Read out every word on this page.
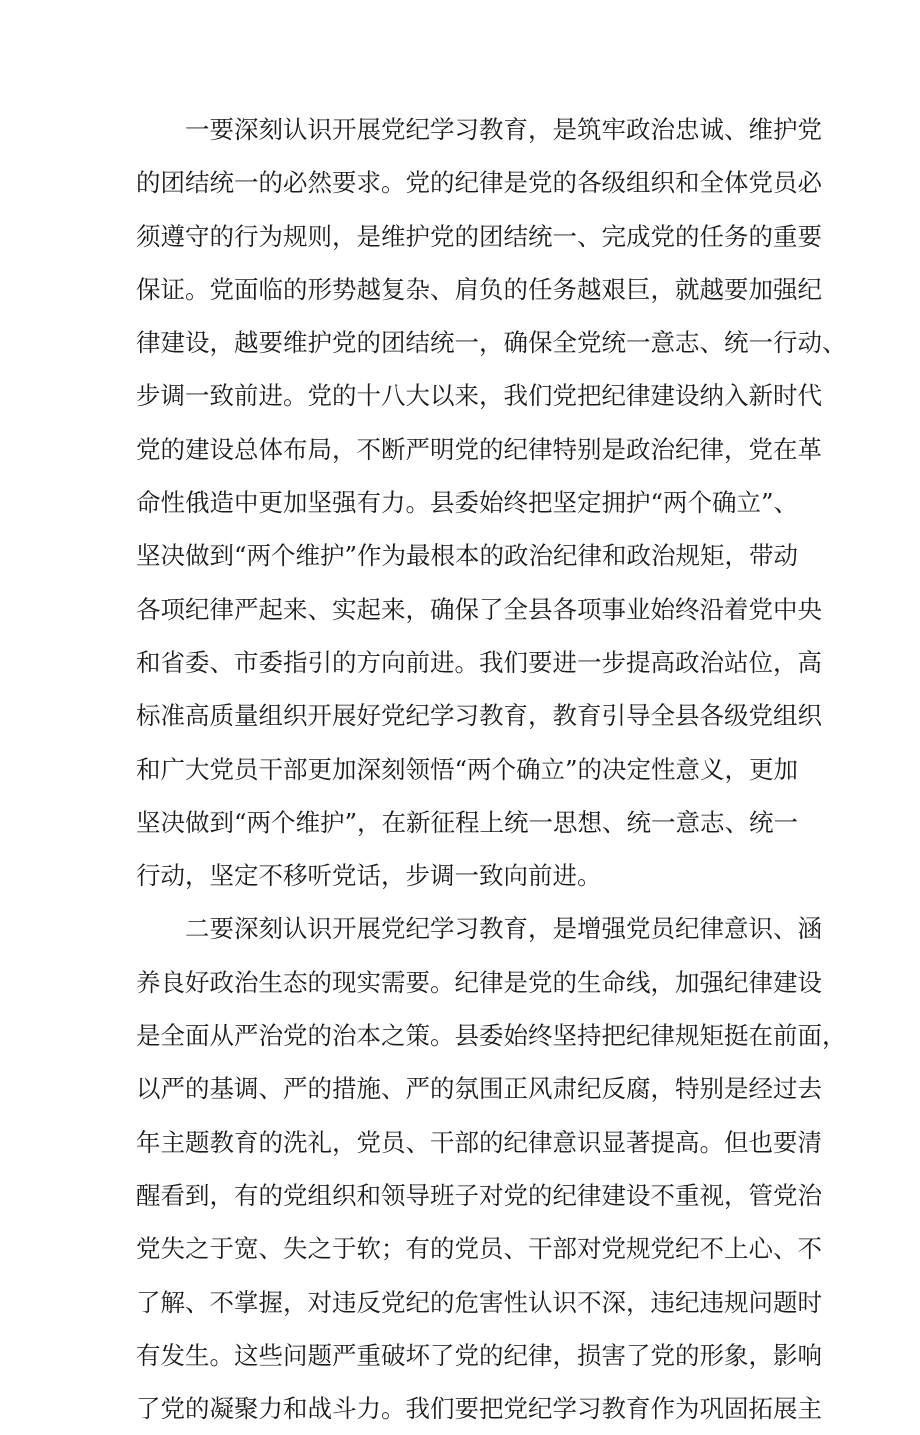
一要深刻认识开展党纪学习教育，是筑牢政治忠诚、维护党
的团结统一的必然要求。党的纪律是党的各级组织和全体党员必
须遵守的行为规则，是维护党的团结统一、完成党的任务的重要
保证。党面临的形势越复杂、肩负的任务越艰巨，就越要加强纪
律建设，越要维护党的团结统一，确保全党统一意志、统一行动、
步调一致前进。党的十八大以来，我们党把纪律建设纳入新时代
党的建设总体布局，不断严明党的纪律特别是政治纪律，党在革
命性俄造中更加坚强有力。县委始终把坚定拥护“两个确立”、
坚决做到“两个维护”作为最根本的政治纪律和政治规矩，带动
各项纪律严起来、实起来，确保了全县各项事业始终沿着党中央
和省委、市委指引的方向前进。我们要进一步提高政治站位，高
标准高质量组织开展好党纪学习教育，教育引导全县各级党组织
和广大党员干部更加深刻领悟“两个确立”的决定性意义，更加
坚决做到“两个维护”，在新征程上统一思想、统一意志、统一
行动，坚定不移听党话，步调一致向前进。
二要深刻认识开展党纪学习教育，是增强党员纪律意识、涵
养良好政治生态的现实需要。纪律是党的生命线，加强纪律建设
是全面从严治党的治本之策。县委始终坚持把纪律规矩挺在前面，
以严的基调、严的措施、严的氛围正风肃纪反腐，特别是经过去
年主题教育的洗礼，党员、干部的纪律意识显著提高。但也要清
醒看到，有的党组织和领导班子对党的纪律建设不重视，管党治
党失之于宽、失之于软；有的党员、干部对党规党纪不上心、不
了解、不掌握，对违反党纪的危害性认识不深，违纪违规问题时
有发生。这些问题严重破坏了党的纪律，损害了党的形象，影响
了党的凝聚力和战斗力。我们要把党纪学习教育作为巩固拓展主
